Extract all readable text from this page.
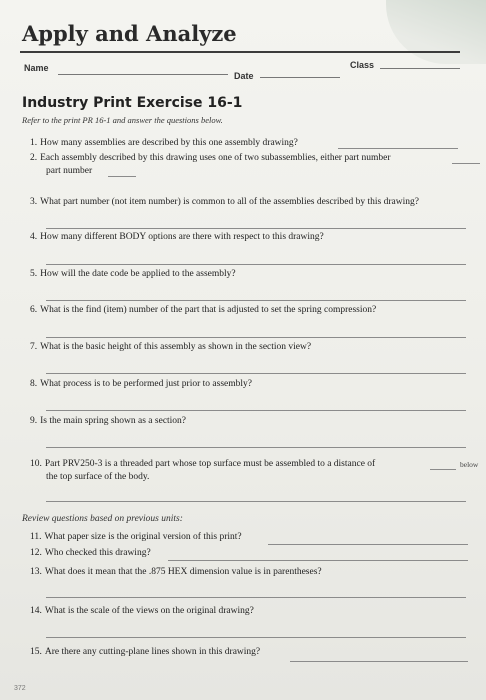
Apply and Analyze
Name
Date
Class
Industry Print Exercise 16-1
Refer to the print PR 16-1 and answer the questions below.
1. How many assemblies are described by this one assembly drawing?
2. Each assembly described by this drawing uses one of two subassemblies, either part number
part number
3. What part number (not item number) is common to all of the assemblies described by this drawing?
4. How many different BODY options are there with respect to this drawing?
5. How will the date code be applied to the assembly?
6. What is the find (item) number of the part that is adjusted to set the spring compression?
7. What is the basic height of this assembly as shown in the section view?
8. What process is to be performed just prior to assembly?
9. Is the main spring shown as a section?
10. Part PRV250-3 is a threaded part whose top surface must be assembled to a distance of	below
the top surface of the body.
Review questions based on previous units:
11. What paper size is the original version of this print?
12. Who checked this drawing?
13. What does it mean that the .875 HEX dimension value is in parentheses?
14. What is the scale of the views on the original drawing?
15. Are there any cutting-plane lines shown in this drawing?
372
